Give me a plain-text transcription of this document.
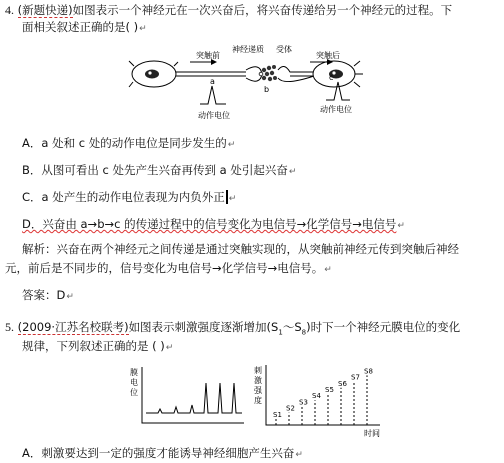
4. (新题快递)如图表示一个神经元在一次兴奋后，将兴奋传递给另一个神经元的过程。下
面相关叙述正确的是( )↵
突触前
神经递质 受体
突触后
a
b
c
动作电位
动作电位
A．a 处和 c 处的动作电位是同步发生的↵
B．从图可看出 c 处先产生兴奋再传到 a 处引起兴奋↵
C．a 处产生的动作电位表现为内负外正 ↵
D．兴奋由 a→b→c 的传递过程中的信号变化为电信号→化学信号→电信号↵
解析：兴奋在两个神经元之间传递是通过突触实现的，从突触前神经元传到突触后神经
元，前后是不同步的，信号变化为电信号→化学信号→电信号。↵
答案：D↵
5. (2009·江苏名校联考)如图表示刺激强度逐渐增加$(S_1\sim S_8)$时下一个神经元膜电位的变化
规律，下列叙述正确的是 ( )↵
膜
电
位
刺
激
强
度
S1
S2
S3
S4
S5
S6
S7
S8
时间
A．刺激要达到一定的强度才能诱导神经细胞产生兴奋↵
